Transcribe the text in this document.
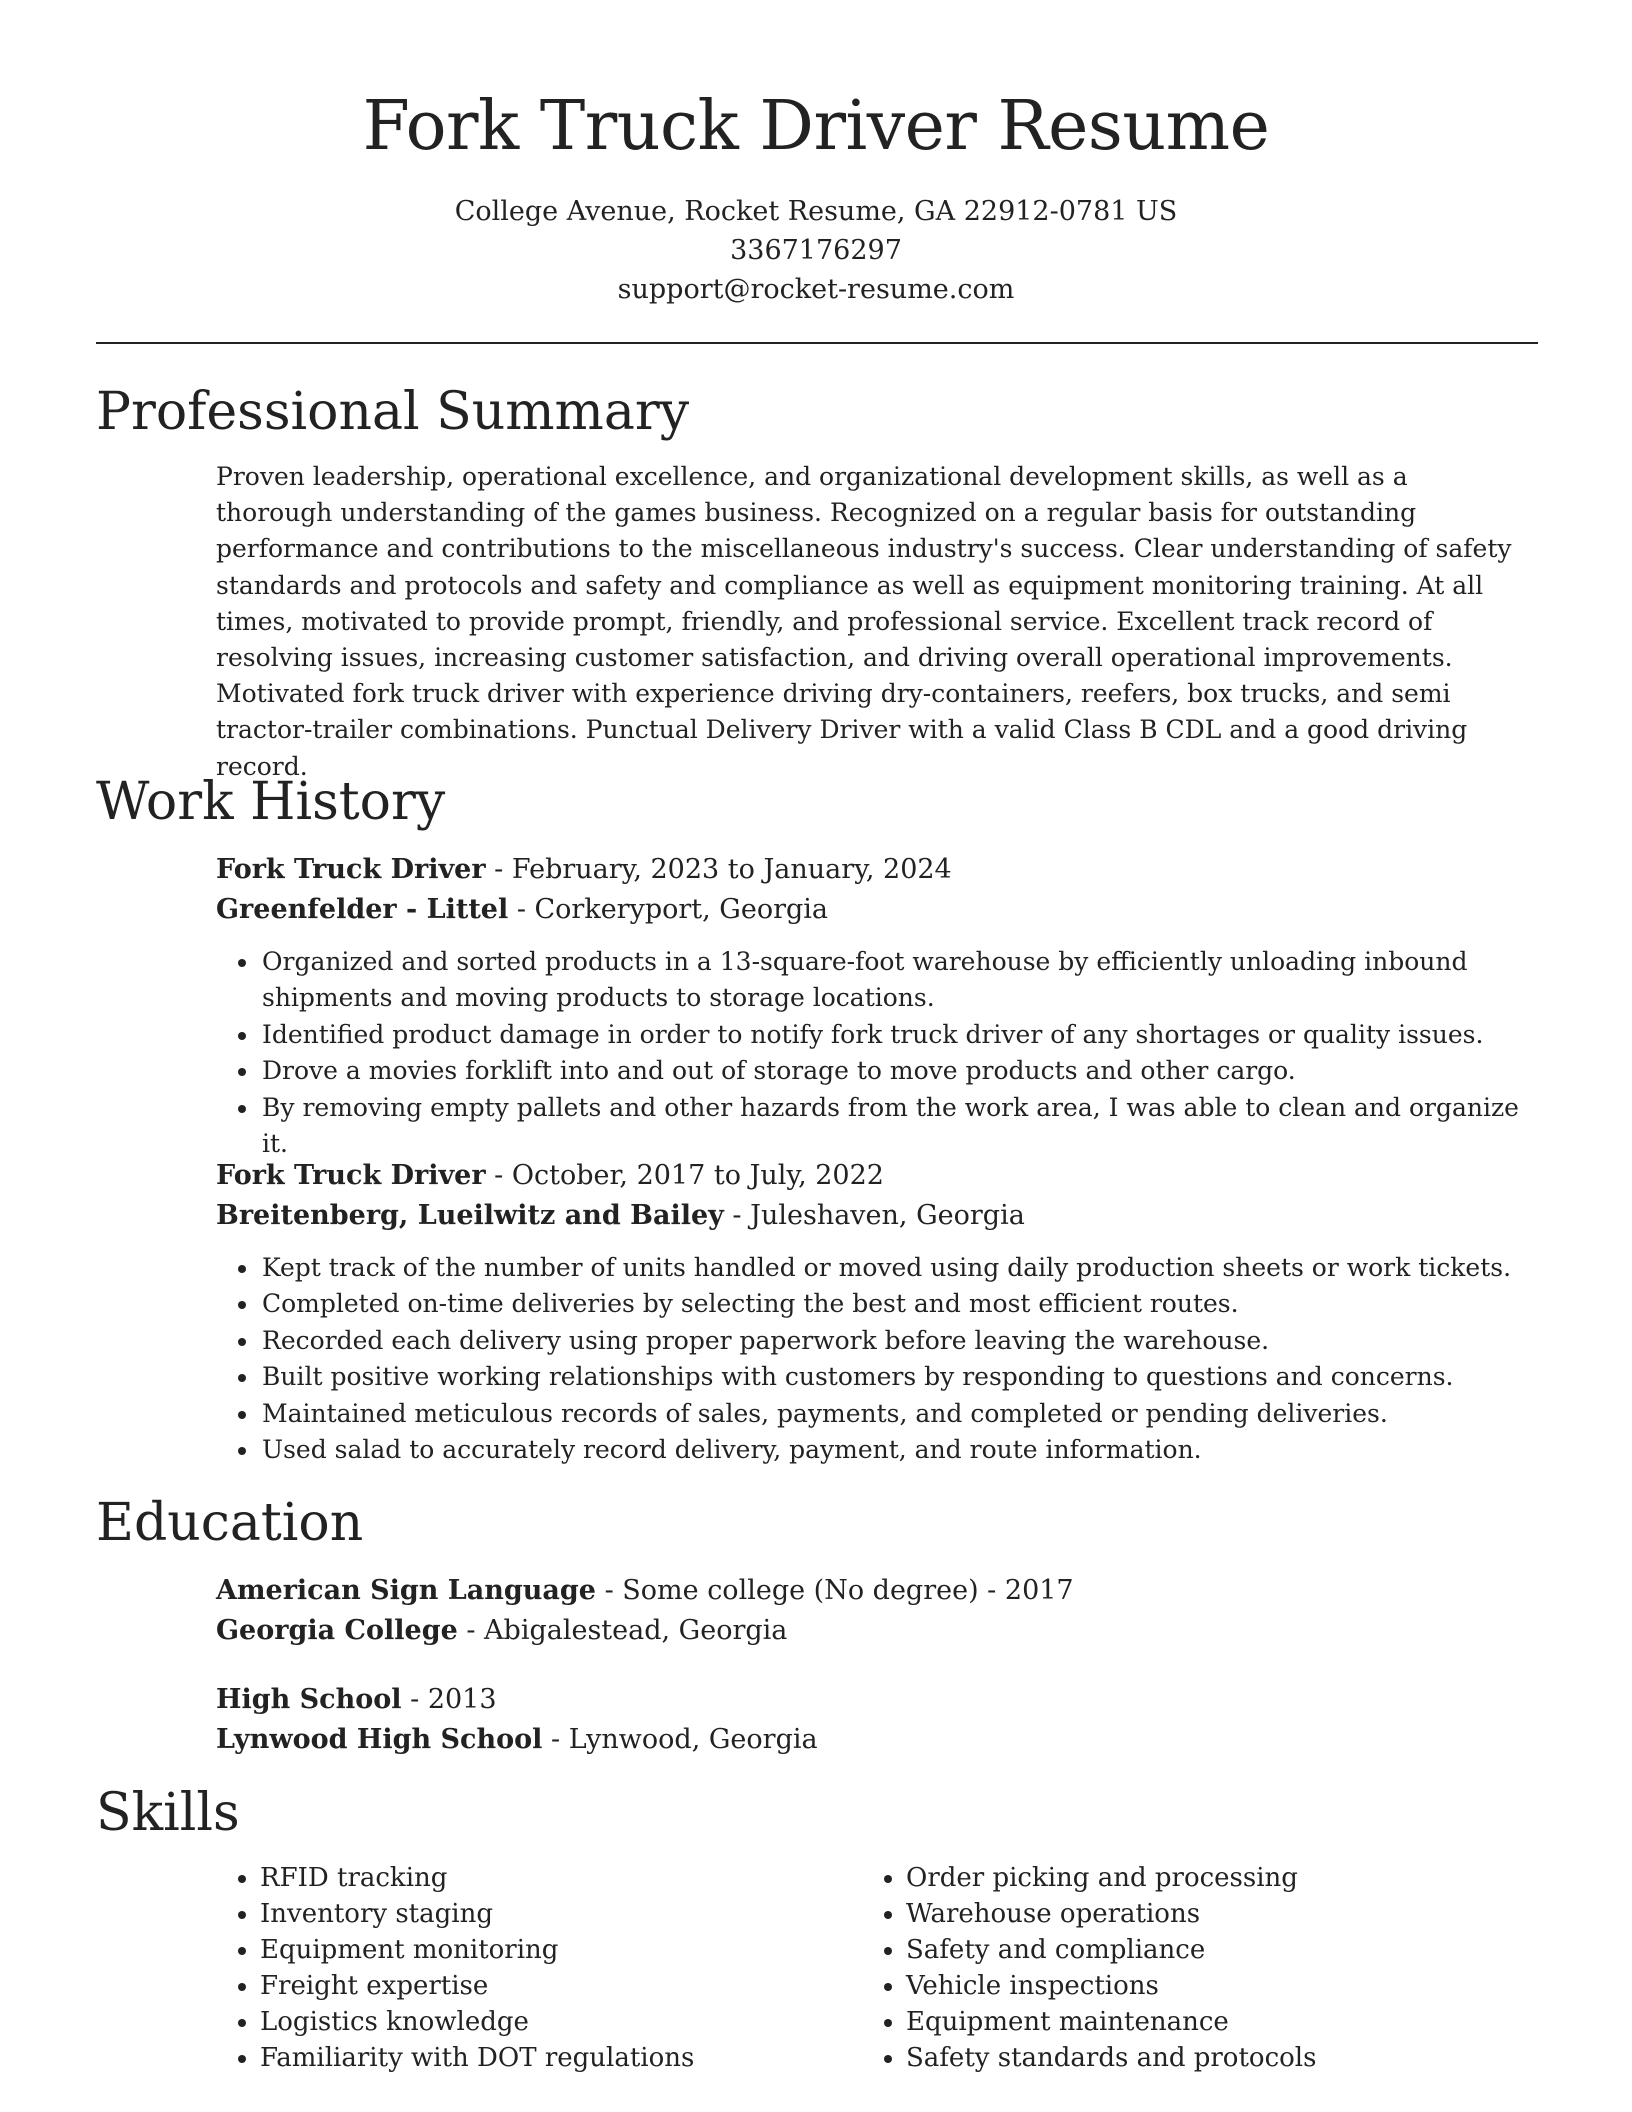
Fork Truck Driver Resume
College Avenue, Rocket Resume, GA 22912-0781 US
3367176297
support@rocket-resume.com
Professional Summary

Proven leadership, operational excellence, and organizational development skills, as well as a thorough understanding of the games business. Recognized on a regular basis for outstanding performance and contributions to the miscellaneous industry's success. Clear understanding of safety standards and protocols and safety and compliance as well as equipment monitoring training. At all times, motivated to provide prompt, friendly, and professional service. Excellent track record of resolving issues, increasing customer satisfaction, and driving overall operational improvements. Motivated fork truck driver with experience driving dry-containers, reefers, box trucks, and semi tractor-trailer combinations. Punctual Delivery Driver with a valid Class B CDL and a good driving record.

Work History
Fork Truck Driver - February, 2023 to January, 2024
Greenfelder - Littel - Corkeryport, Georgia
• Organized and sorted products in a 13-square-foot warehouse by efficiently unloading inbound shipments and moving products to storage locations.
• Identified product damage in order to notify fork truck driver of any shortages or quality issues.
• Drove a movies forklift into and out of storage to move products and other cargo.
• By removing empty pallets and other hazards from the work area, I was able to clean and organize it.
Fork Truck Driver - October, 2017 to July, 2022
Breitenberg, Lueilwitz and Bailey - Juleshaven, Georgia
• Kept track of the number of units handled or moved using daily production sheets or work tickets.
• Completed on-time deliveries by selecting the best and most efficient routes.
• Recorded each delivery using proper paperwork before leaving the warehouse.
• Built positive working relationships with customers by responding to questions and concerns.
• Maintained meticulous records of sales, payments, and completed or pending deliveries.
• Used salad to accurately record delivery, payment, and route information.
Education
American Sign Language - Some college (No degree) - 2017
Georgia College - Abigalestead, Georgia
High School - 2013
Lynwood High School - Lynwood, Georgia
Skills
• RFID tracking
• Inventory staging
• Equipment monitoring
• Freight expertise
• Logistics knowledge
• Familiarity with DOT regulations
• Order picking and processing
• Warehouse operations
• Safety and compliance
• Vehicle inspections
• Equipment maintenance
• Safety standards and protocols
